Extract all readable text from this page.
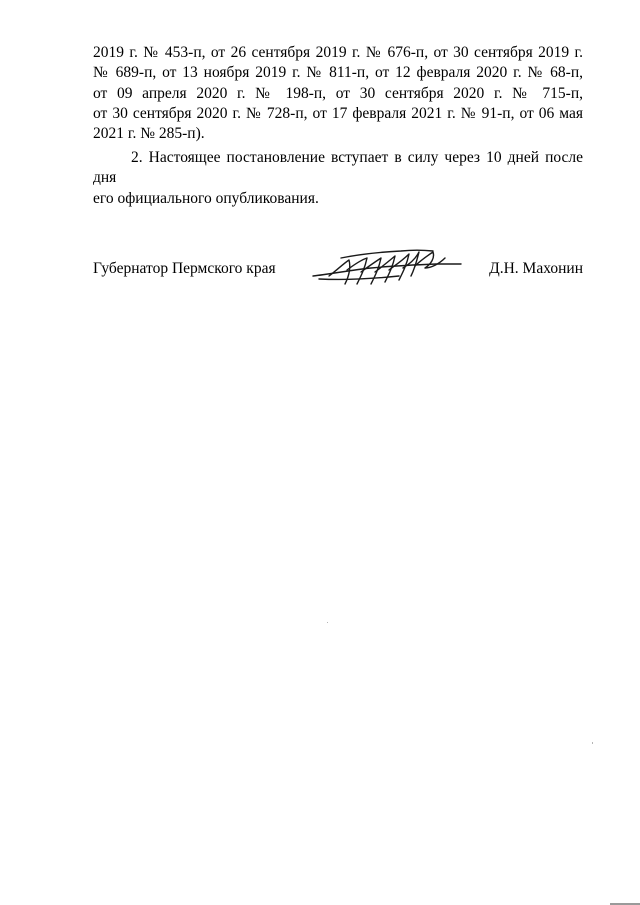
2019 г. № 453-п, от 26 сентября 2019 г. № 676-п, от 30 сентября 2019 г.
№ 689-п, от 13 ноября 2019 г. № 811-п, от 12 февраля 2020 г. № 68-п,
от 09 апреля 2020 г. № 198-п, от 30 сентября 2020 г. № 715-п,
от 30 сентября 2020 г. № 728-п, от 17 февраля 2021 г. № 91-п, от 06 мая
2021 г. № 285-п).
2. Настоящее постановление вступает в силу через 10 дней после дня
его официального опубликования.
Губернатор Пермского края	Д.Н. Махонин
